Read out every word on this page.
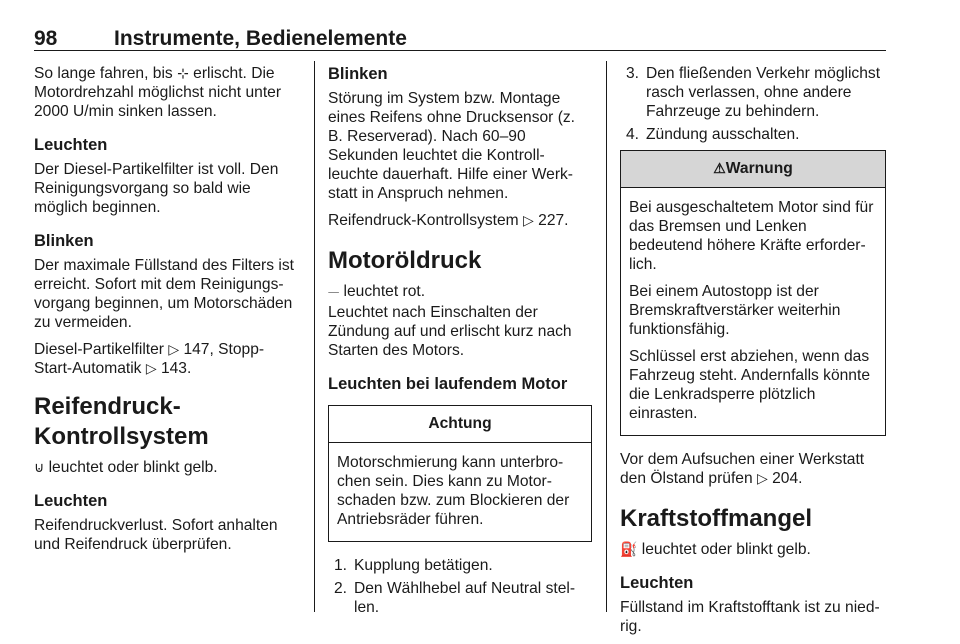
98	Instrumente, Bedienelemente

So lange fahren, bis ⊹ erlischt. Die Motordrehzahl möglichst nicht unter 2000 U/min sinken lassen.

Leuchten

Der Diesel-Partikelfilter ist voll. Den Reinigungsvorgang so bald wie möglich beginnen.

Blinken

Der maximale Füllstand des Filters ist erreicht. Sofort mit dem Reinigungs-vorgang beginnen, um Motorschäden zu vermeiden.

Diesel-Partikelfilter ▷ 147, Stopp-Start-Automatik ▷ 143.

Reifendruck-Kontrollsystem

⊍ leuchtet oder blinkt gelb.

Leuchten

Reifendruckverlust. Sofort anhalten und Reifendruck überprüfen.

Blinken

Störung im System bzw. Montage eines Reifens ohne Drucksensor (z. B. Reserverad). Nach 60–90 Sekunden leuchtet die Kontroll-leuchte dauerhaft. Hilfe einer Werk-statt in Anspruch nehmen.

Reifendruck-Kontrollsystem ▷ 227.

Motoröldruck

⏤ leuchtet rot.

Leuchtet nach Einschalten der Zündung auf und erlischt kurz nach Starten des Motors.

Leuchten bei laufendem Motor
Achtung

Motorschmierung kann unterbro-chen sein. Dies kann zu Motor-schaden bzw. zum Blockieren der Antriebsräder führen.

1. Kupplung betätigen.
2. Den Wählhebel auf Neutral stel-len.
3. Den fließenden Verkehr möglichst rasch verlassen, ohne andere Fahrzeuge zu behindern.
4. Zündung ausschalten.
⚠Warnung

Bei ausgeschaltetem Motor sind für das Bremsen und Lenken bedeutend höhere Kräfte erforder-lich.

Bei einem Autostopp ist der Bremskraftverstärker weiterhin funktionsfähig.

Schlüssel erst abziehen, wenn das Fahrzeug steht. Andernfalls könnte die Lenkradsperre plötzlich einrasten.

Vor dem Aufsuchen einer Werkstatt den Ölstand prüfen ▷ 204.

Kraftstoffmangel

⛽ leuchtet oder blinkt gelb.

Leuchten

Füllstand im Kraftstofftank ist zu nied-rig.
